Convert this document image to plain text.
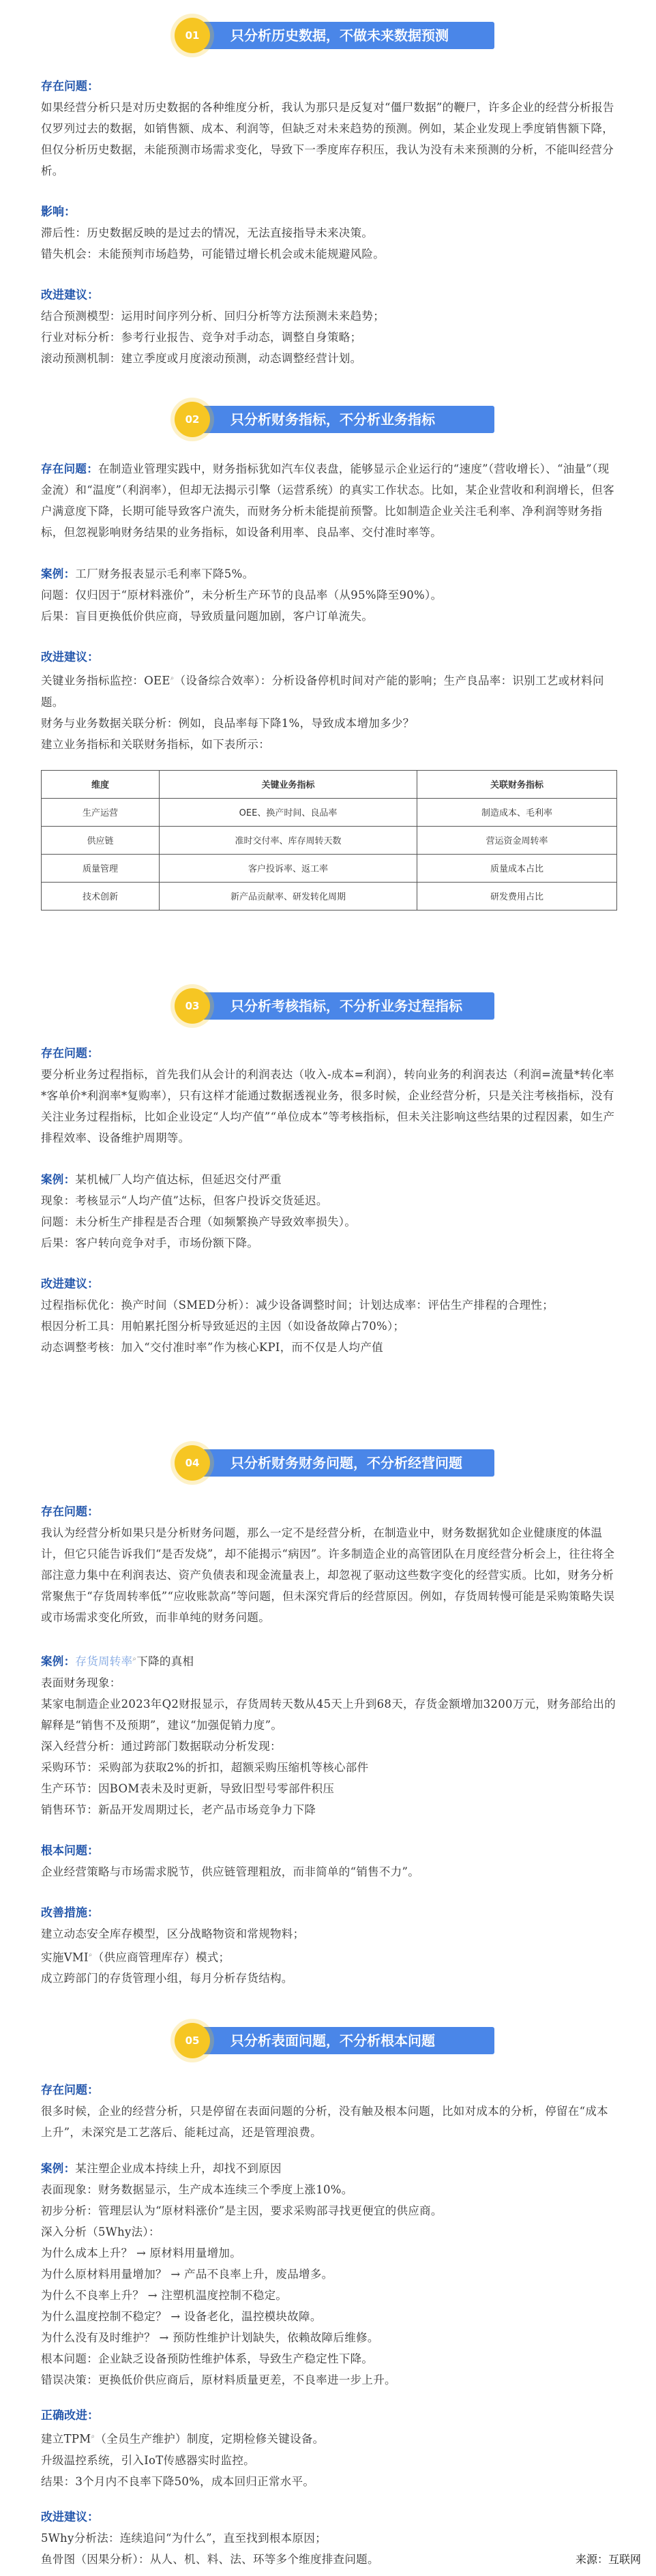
只分析历史数据，不做未来数据预测
01

存在问题：

如果经营分析只是对历史数据的各种维度分析，我认为那只是反复对“僵尸数据”的鞭尸，许多企业的经营分析报告仅罗列过去的数据，如销售额、成本、利润等，但缺乏对未来趋势的预测。例如，某企业发现上季度销售额下降，但仅分析历史数据，未能预测市场需求变化，导致下一季度库存积压，我认为没有未来预测的分析，不能叫经营分析。

影响：

滞后性：历史数据反映的是过去的情况，无法直接指导未来决策。

错失机会：未能预判市场趋势，可能错过增长机会或未能规避风险。

改进建议：

结合预测模型：运用时间序列分析、回归分析等方法预测未来趋势；

行业对标分析：参考行业报告、竞争对手动态，调整自身策略；

滚动预测机制：建立季度或月度滚动预测，动态调整经营计划。

只分析财务指标，不分析业务指标
02

存在问题：在制造业管理实践中，财务指标犹如汽车仪表盘，能够显示企业运行的“速度”（营收增长）、“油量”（现金流）和“温度”（利润率），但却无法揭示引擎（运营系统）的真实工作状态。比如，某企业营收和利润增长，但客户满意度下降，长期可能导致客户流失，而财务分析未能提前预警。比如制造企业关注毛利率、净利润等财务指标，但忽视影响财务结果的业务指标，如设备利用率、良品率、交付准时率等。

案例：工厂财务报表显示毛利率下降5%。

问题：仅归因于“原材料涨价”，未分析生产环节的良品率（从95%降至90%）。

后果：盲目更换低价供应商，导致质量问题加剧，客户订单流失。

改进建议：

关键业务指标监控：OEE⌕（设备综合效率）：分析设备停机时间对产能的影响；生产良品率：识别工艺或材料问题。

财务与业务数据关联分析：例如，良品率每下降1%，导致成本增加多少？

建立业务指标和关联财务指标，如下表所示：

维度	关键业务指标	关联财务指标
生产运营	OEE、换产时间、良品率	制造成本、毛利率
供应链	准时交付率、库存周转天数	营运资金周转率
质量管理	客户投诉率、返工率	质量成本占比
技术创新	新产品贡献率、研发转化周期	研发费用占比
只分析考核指标，不分析业务过程指标
03

存在问题：

要分析业务过程指标，首先我们从会计的利润表达（收入-成本=利润），转向业务的利润表达（利润=流量*转化率*客单价*利润率*复购率），只有这样才能通过数据透视业务，很多时候，企业经营分析，只是关注考核指标，没有关注业务过程指标，比如企业设定“人均产值”“单位成本”等考核指标，但未关注影响这些结果的过程因素，如生产排程效率、设备维护周期等。

案例：某机械厂人均产值达标，但延迟交付严重

现象：考核显示“人均产值”达标，但客户投诉交货延迟。

问题：未分析生产排程是否合理（如频繁换产导致效率损失）。

后果：客户转向竞争对手，市场份额下降。

改进建议：

过程指标优化：换产时间（SMED分析）：减少设备调整时间；计划达成率：评估生产排程的合理性；

根因分析工具：用帕累托图分析导致延迟的主因（如设备故障占70%）；

动态调整考核：加入“交付准时率”作为核心KPI，而不仅是人均产值

只分析财务财务问题，不分析经营问题
04

存在问题：

我认为经营分析如果只是分析财务问题，那么一定不是经营分析，在制造业中，财务数据犹如企业健康度的体温计，但它只能告诉我们“是否发烧”，却不能揭示“病因”。许多制造企业的高管团队在月度经营分析会上，往往将全部注意力集中在利润表达、资产负债表和现金流量表上，却忽视了驱动这些数字变化的经营实质。比如，财务分析常聚焦于“存货周转率低”“应收账款高”等问题，但未深究背后的经营原因。例如，存货周转慢可能是采购策略失误或市场需求变化所致，而非单纯的财务问题。

案例：存货周转率⌕下降的真相

表面财务现象：

某家电制造企业2023年Q2财报显示，存货周转天数从45天上升到68天，存货金额增加3200万元，财务部给出的解释是“销售不及预期”，建议“加强促销力度”。

深入经营分析：通过跨部门数据联动分析发现：

采购环节：采购部为获取2%的折扣，超额采购压缩机等核心部件

生产环节：因BOM表未及时更新，导致旧型号零部件积压

销售环节：新品开发周期过长，老产品市场竞争力下降

根本问题：

企业经营策略与市场需求脱节，供应链管理粗放，而非简单的“销售不力”。

改善措施：

建立动态安全库存模型，区分战略物资和常规物料；

实施VMI⌕（供应商管理库存）模式；

成立跨部门的存货管理小组，每月分析存货结构。

只分析表面问题，不分析根本问题
05

存在问题：

很多时候，企业的经营分析，只是停留在表面问题的分析，没有触及根本问题，比如对成本的分析，停留在“成本上升”，未深究是工艺落后、能耗过高，还是管理浪费。

案例：某注塑企业成本持续上升，却找不到原因

表面现象：财务数据显示，生产成本连续三个季度上涨10%。

初步分析：管理层认为“原材料涨价”是主因，要求采购部寻找更便宜的供应商。

深入分析（5Why法）：

为什么成本上升？ → 原材料用量增加。

为什么原材料用量增加？ → 产品不良率上升，废品增多。

为什么不良率上升？ → 注塑机温度控制不稳定。

为什么温度控制不稳定？ → 设备老化，温控模块故障。

为什么没有及时维护？ → 预防性维护计划缺失，依赖故障后维修。

根本问题：企业缺乏设备预防性维护体系，导致生产稳定性下降。

错误决策：更换低价供应商后，原材料质量更差，不良率进一步上升。

正确改进：

建立TPM⌕（全员生产维护）制度，定期检修关键设备。

升级温控系统，引入IoT传感器实时监控。

结果：3个月内不良率下降50%，成本回归正常水平。

改进建议：

5Why分析法：连续追问“为什么”，直至找到根本原因；

鱼骨图（因果分析）：从人、机、料、法、环等多个维度排查问题。	来源：互联网
